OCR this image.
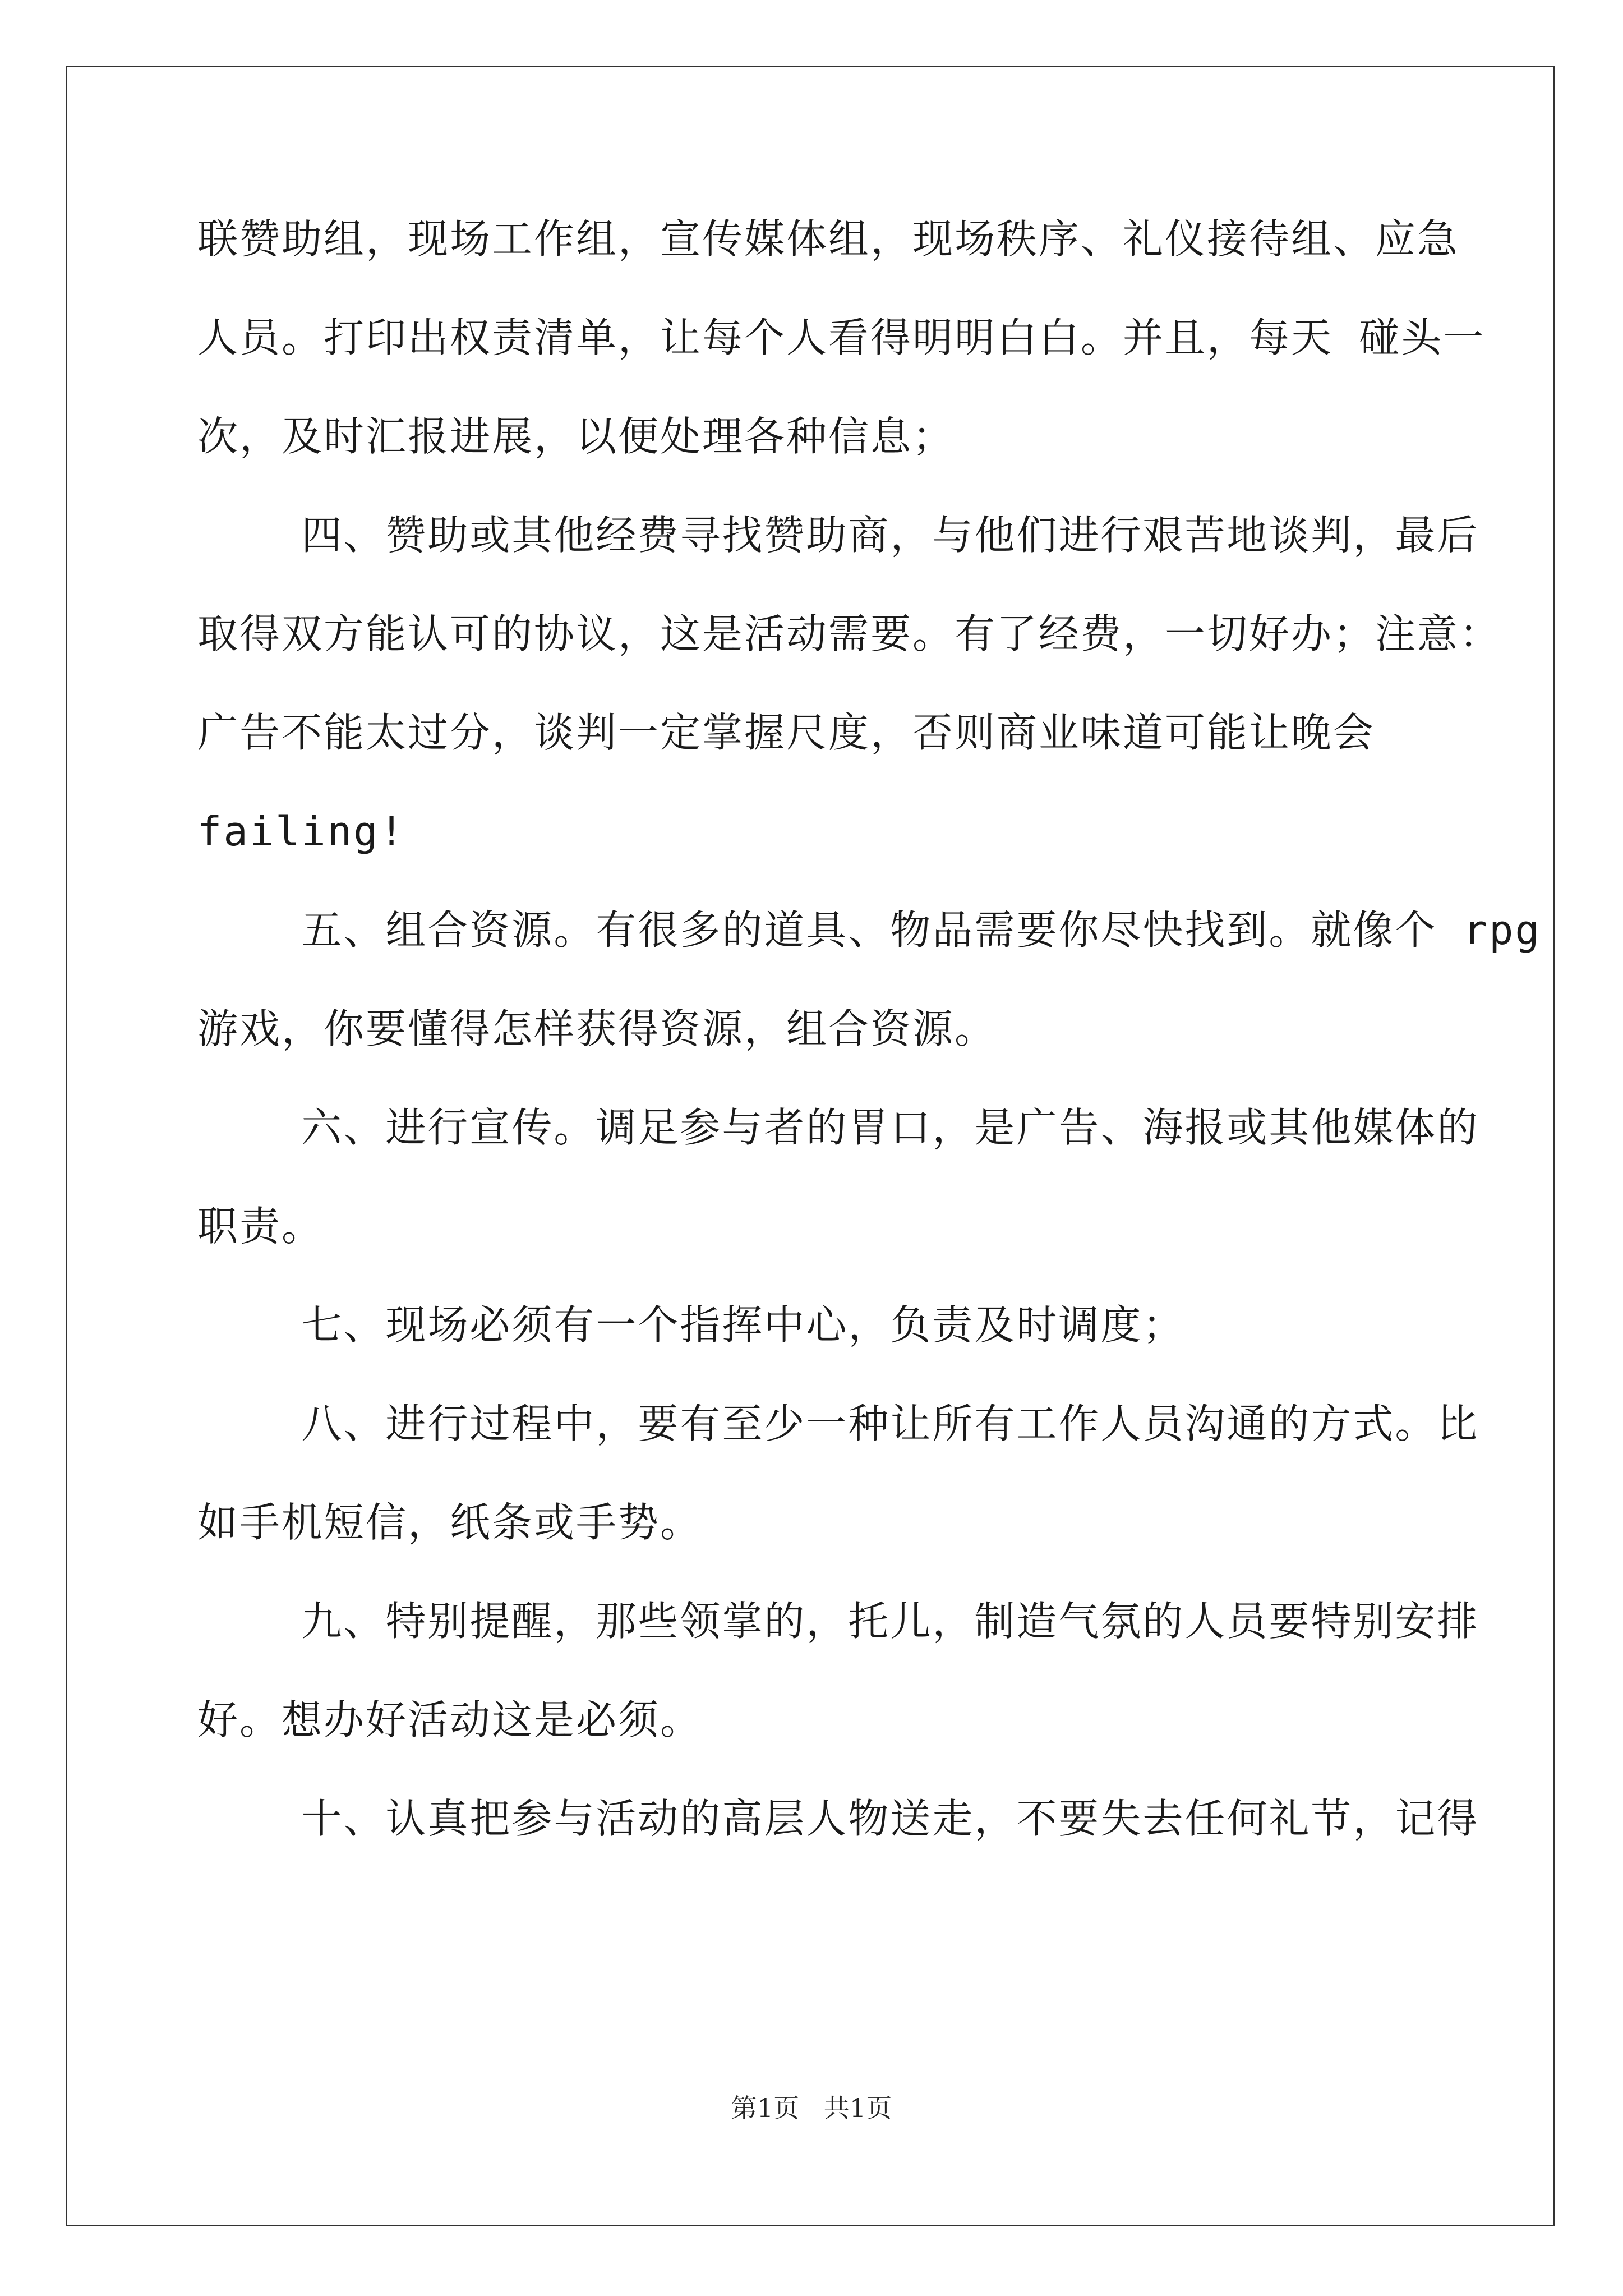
联赞助组，现场工作组，宣传媒体组，现场秩序、礼仪接待组、应急
人员。打印出权责清单，让每个人看得明明白白。并且，每天 碰头一
次，及时汇报进展，以便处理各种信息；
四、赞助或其他经费寻找赞助商，与他们进行艰苦地谈判，最后
取得双方能认可的协议，这是活动需要。有了经费，一切好办；注意：
广告不能太过分，谈判一定掌握尺度，否则商业味道可能让晚会
failing!
五、组合资源。有很多的道具、物品需要你尽快找到。就像个 rpg
游戏，你要懂得怎样获得资源，组合资源。
六、进行宣传。调足参与者的胃口，是广告、海报或其他媒体的
职责。
七、现场必须有一个指挥中心，负责及时调度；
八、进行过程中，要有至少一种让所有工作人员沟通的方式。比
如手机短信，纸条或手势。
九、特别提醒，那些领掌的，托儿，制造气氛的人员要特别安排
好。想办好活动这是必须。
十、认真把参与活动的高层人物送走，不要失去任何礼节，记得
第1页   共1页
